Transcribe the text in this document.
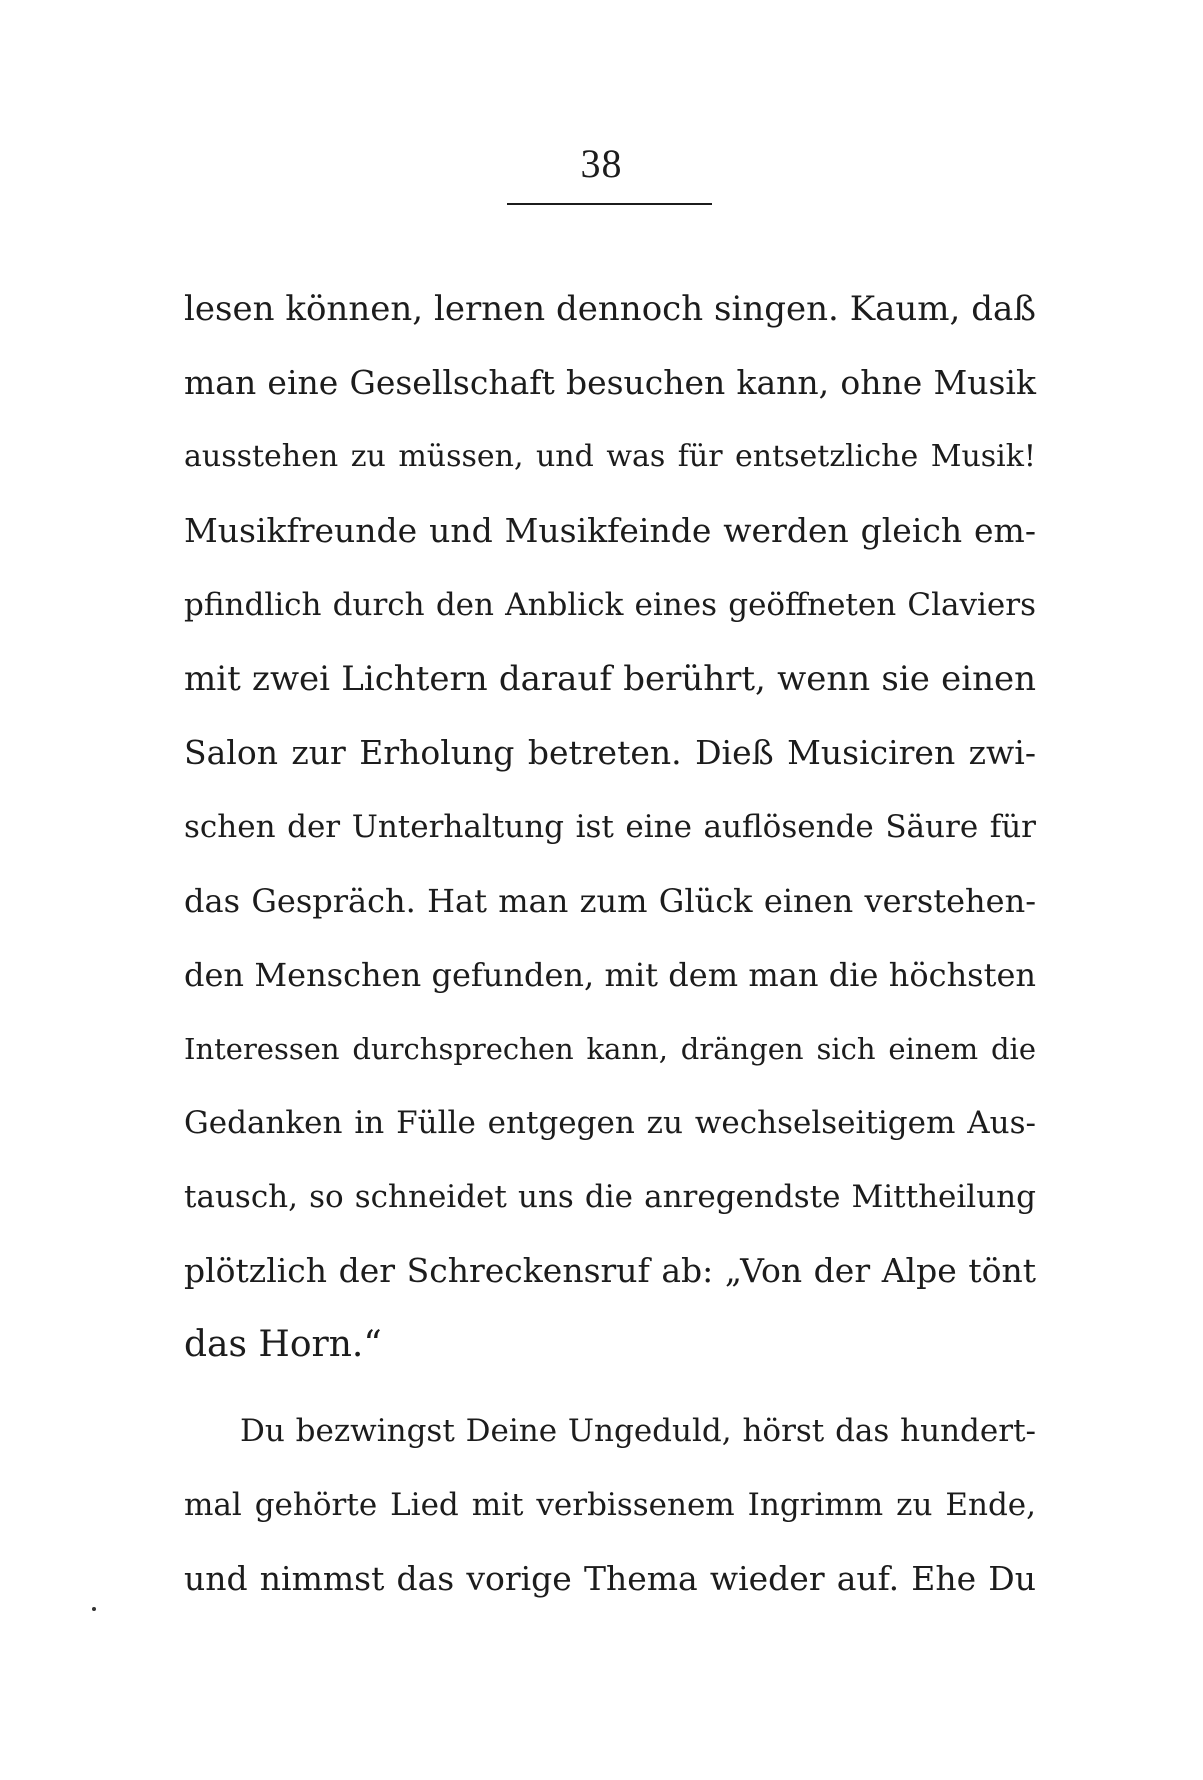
38
lesen können, lernen dennoch singen. Kaum, daß
man eine Gesellschaft besuchen kann, ohne Musik
ausstehen zu müssen, und was für entsetzliche Musik!
Musikfreunde und Musikfeinde werden gleich em-
pfindlich durch den Anblick eines geöffneten Claviers
mit zwei Lichtern darauf berührt, wenn sie einen
Salon zur Erholung betreten. Dieß Musiciren zwi-
schen der Unterhaltung ist eine auflösende Säure für
das Gespräch. Hat man zum Glück einen verstehen-
den Menschen gefunden, mit dem man die höchsten
Interessen durchsprechen kann, drängen sich einem die
Gedanken in Fülle entgegen zu wechselseitigem Aus-
tausch, so schneidet uns die anregendste Mittheilung
plötzlich der Schreckensruf ab: „Von der Alpe tönt
das Horn.“
Du bezwingst Deine Ungeduld, hörst das hundert-
mal gehörte Lied mit verbissenem Ingrimm zu Ende,
und nimmst das vorige Thema wieder auf. Ehe Du
